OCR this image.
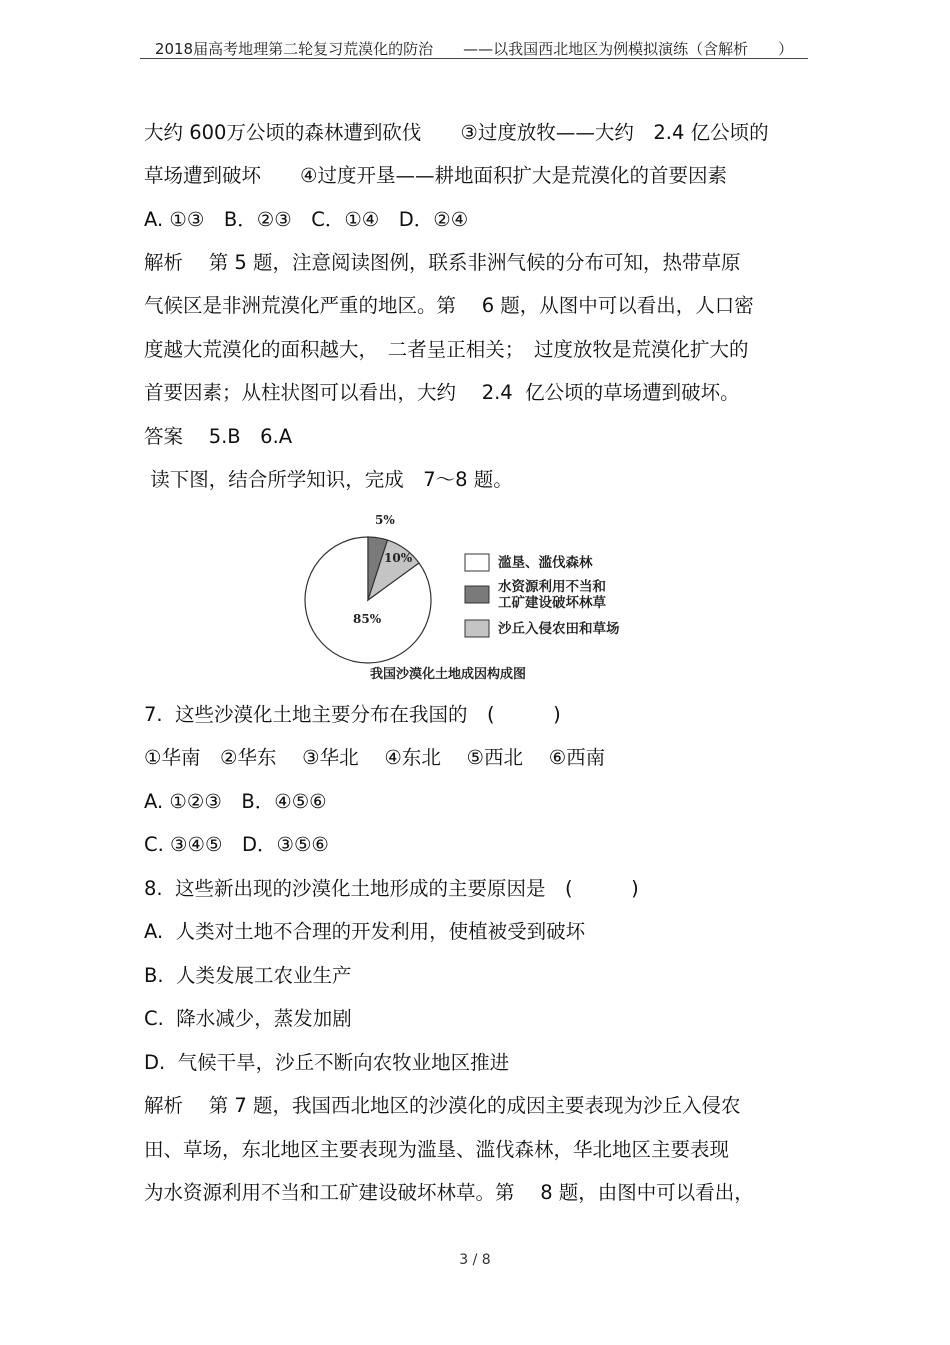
2018届高考地理第二轮复习荒漠化的防治　　——以我国西北地区为例模拟演练（含解析　　）
大约 600万公顷的森林遭到砍伐　　③过度放牧——大约　2.4 亿公顷的
草场遭到破坏　　④过度开垦——耕地面积扩大是荒漠化的首要因素
A. ①③　B．②③　C．①④　D．②④
解析　 第 5 题，注意阅读图例，联系非洲气候的分布可知，热带草原
气候区是非洲荒漠化严重的地区。第　 6 题，从图中可以看出，人口密
度越大荒漠化的面积越大，　二者呈正相关；　过度放牧是荒漠化扩大的
首要因素；从柱状图可以看出，大约　 2.4  亿公顷的草场遭到破坏。
答案　 5.B　6.A
读下图，结合所学知识，完成　7～8 题。
5%
10%
85%
滥垦、滥伐森林
水资源利用不当和
工矿建设破坏林草
沙丘入侵农田和草场
我国沙漠化土地成因构成图
7.  这些沙漠化土地主要分布在我国的　(　　　)
①华南　②华东　 ③华北　 ④东北　 ⑤西北　 ⑥西南
A. ①②③　B．④⑤⑥
C. ③④⑤　D．③⑤⑥
8.  这些新出现的沙漠化土地形成的主要原因是　(　　　)
A.  人类对土地不合理的开发利用，使植被受到破坏
B.  人类发展工农业生产
C.  降水减少，蒸发加剧
D.  气候干旱，沙丘不断向农牧业地区推进
解析　 第 7 题，我国西北地区的沙漠化的成因主要表现为沙丘入侵农
田、草场，东北地区主要表现为滥垦、滥伐森林，华北地区主要表现
为水资源利用不当和工矿建设破坏林草。第　 8 题，由图中可以看出，
3 / 8
